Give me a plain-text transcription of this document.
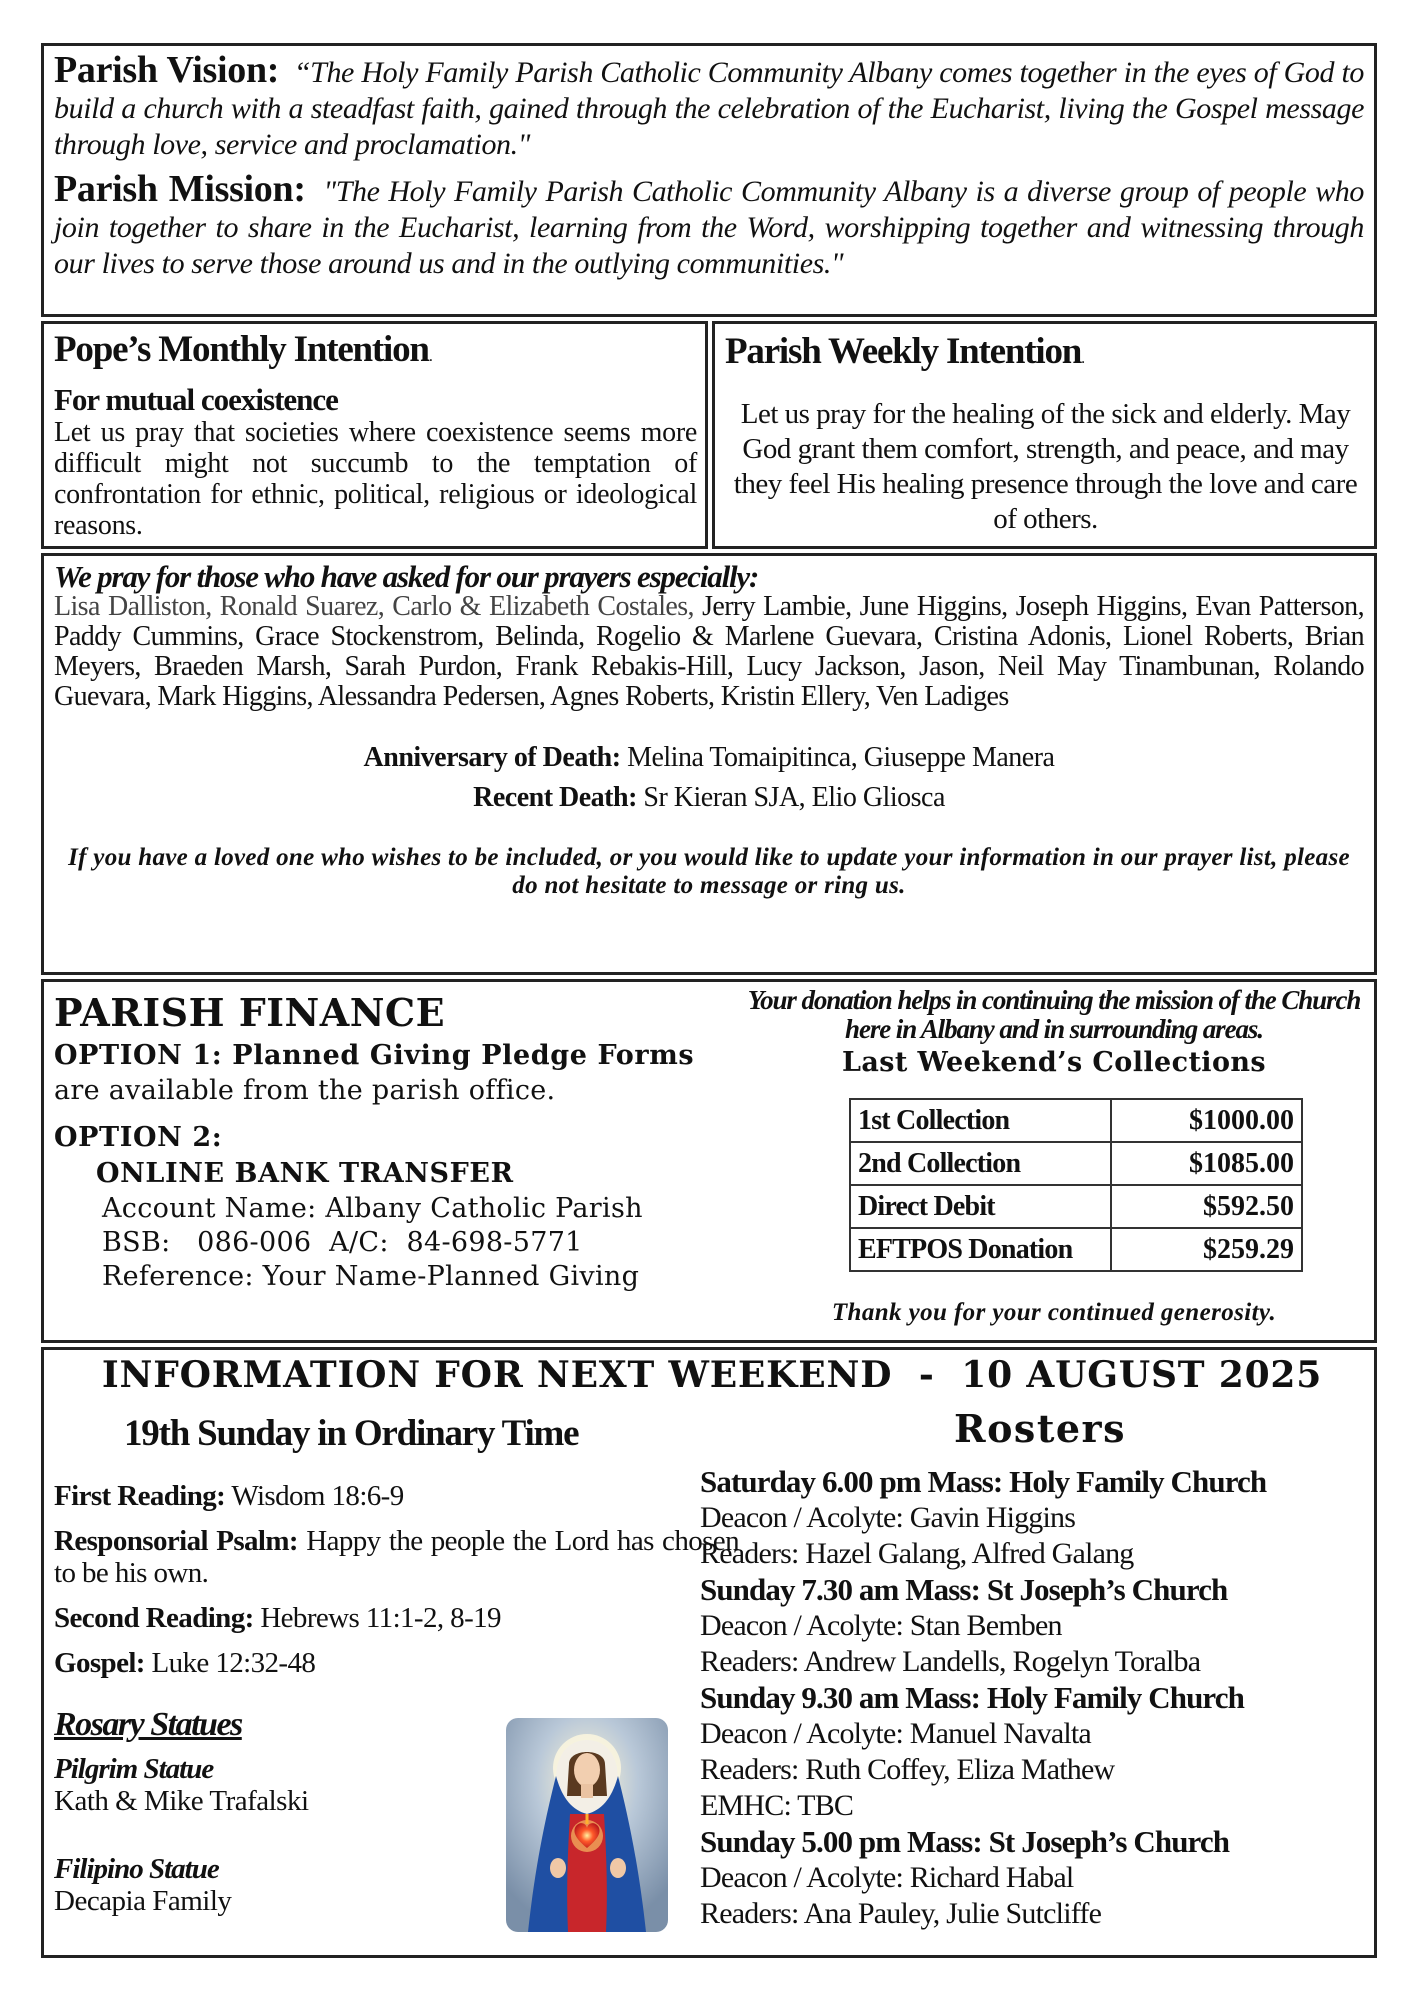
Parish Vision: “The Holy Family Parish Catholic Community Albany comes together in the eyes of God to build a church with a steadfast faith, gained through the celebration of the Eucharist, living the Gospel message through love, service and proclamation."

Parish Mission: "The Holy Family Parish Catholic Community Albany is a diverse group of people who join together to share in the Eucharist, learning from the Word, worshipping together and witnessing through our lives to serve those around us and in the outlying communities."

Pope’s Monthly Intention.

For mutual coexistence

Let us pray that societies where coexistence seems more difficult might not succumb to the temptation of confrontation for ethnic, political, religious or ideological reasons.

Parish Weekly Intention.

Let us pray for the healing of the sick and elderly. May God grant them comfort, strength, and peace, and may they feel His healing presence through the love and care of others.

We pray for those who have asked for our prayers especially:

Lisa Dalliston, Ronald Suarez, Carlo & Elizabeth Costales, Jerry Lambie, June Higgins, Joseph Higgins, Evan Patterson, Paddy Cummins, Grace Stockenstrom, Belinda, Rogelio & Marlene Guevara, Cristina Adonis, Lionel Roberts, Brian Meyers, Braeden Marsh, Sarah Purdon, Frank Rebakis-Hill, Lucy Jackson, Jason, Neil May Tinambunan, Rolando Guevara, Mark Higgins, Alessandra Pedersen, Agnes Roberts, Kristin Ellery, Ven Ladiges

Anniversary of Death: Melina Tomaipitinca, Giuseppe Manera

Recent Death: Sr Kieran SJA, Elio Gliosca

If you have a loved one who wishes to be included, or you would like to update your information in our prayer list, please do not hesitate to message or ring us.

PARISH FINANCE

OPTION 1: Planned Giving Pledge Forms

are available from the parish office.

OPTION 2:

ONLINE BANK TRANSFER

Account Name: Albany Catholic Parish

BSB:   086-006  A/C:  84-698-5771

Reference: Your Name-Planned Giving

Your donation helps in continuing the mission of the Church here in Albany and in surrounding areas.

Last Weekend’s Collections

1st Collection	$1000.00
2nd Collection	$1085.00
Direct Debit	$592.50
EFTPOS Donation	$259.29

Thank you for your continued generosity.

INFORMATION FOR NEXT WEEKEND  -  10 AUGUST 2025

19th Sunday in Ordinary Time	Rosters

First Reading: Wisdom 18:6-9

Responsorial Psalm: Happy the people the Lord has chosen to be his own.

Second Reading: Hebrews 11:1-2, 8-19

Gospel: Luke 12:32-48

Rosary Statues

Pilgrim Statue

Kath & Mike Trafalski

Filipino Statue

Decapia Family

Saturday 6.00 pm Mass: Holy Family Church

Deacon / Acolyte: Gavin Higgins

Readers: Hazel Galang, Alfred Galang

Sunday 7.30 am Mass: St Joseph’s Church

Deacon / Acolyte: Stan Bemben

Readers: Andrew Landells, Rogelyn Toralba

Sunday 9.30 am Mass: Holy Family Church

Deacon / Acolyte: Manuel Navalta

Readers: Ruth Coffey, Eliza Mathew

EMHC: TBC

Sunday 5.00 pm Mass: St Joseph’s Church

Deacon / Acolyte: Richard Habal

Readers: Ana Pauley, Julie Sutcliffe
